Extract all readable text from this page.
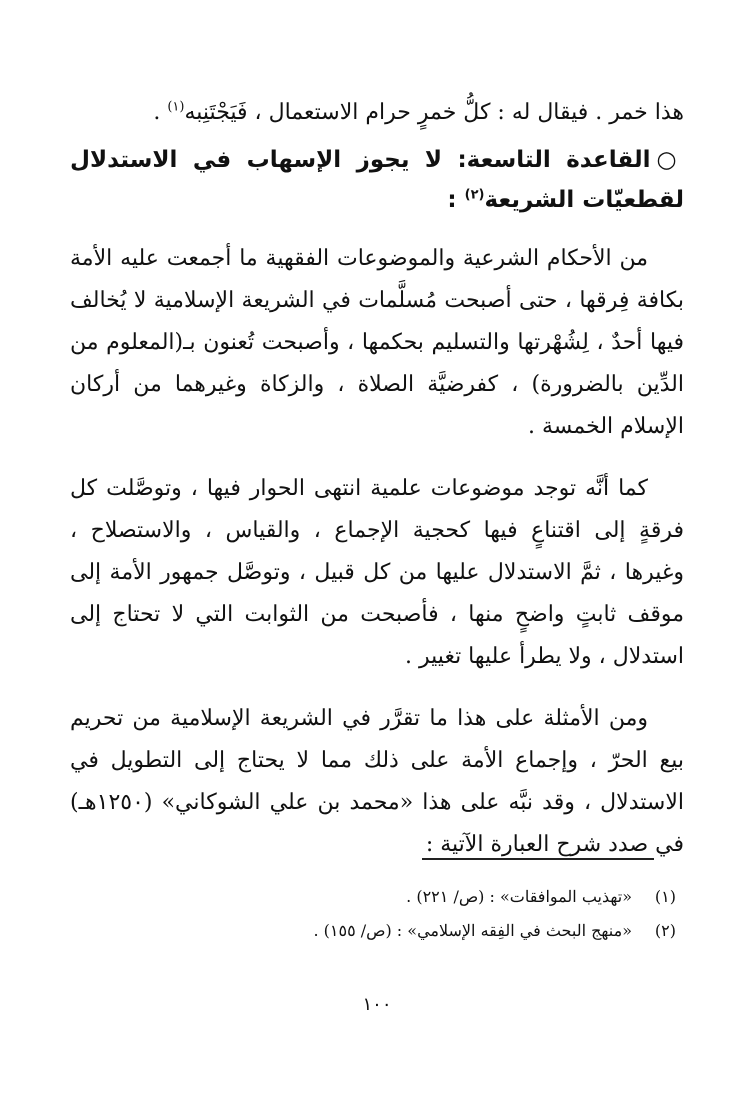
هذا خمر . فيقال له : كلُّ خمرٍ حرام الاستعمال ، فَيَجْتَنِبه$^{(١)}$ .
○القاعدة التاسعة: لا يجوز الإسهاب في الاستدلال لقطعيّات الشريعة$^{(٢)}$ :

من الأحكام الشرعية والموضوعات الفقهية ما أجمعت عليه الأمة بكافة فِرقها ، حتى أصبحت مُسلَّمات في الشريعة الإسلامية لا يُخالف فيها أحدٌ ، لِشُهْرتها والتسليم بحكمها ، وأصبحت تُعنون بـ(المعلوم من الدِّين بالضرورة) ، كفرضيَّة الصلاة ، والزكاة وغيرهما من أركان الإسلام الخمسة .

كما أنَّه توجد موضوعات علمية انتهى الحوار فيها ، وتوصَّلت كل فرقةٍ إلى اقتناعٍ فيها كحجية الإجماع ، والقياس ، والاستصلاح ، وغيرها ، ثمَّ الاستدلال عليها من كل قبيل ، وتوصَّل جمهور الأمة إلى موقف ثابتٍ واضحٍ منها ، فأصبحت من الثوابت التي لا تحتاج إلى استدلال ، ولا يطرأ عليها تغيير .

ومن الأمثلة على هذا ما تقرَّر في الشريعة الإسلامية من تحريم بيع الحرّ ، وإجماع الأمة على ذلك مما لا يحتاج إلى التطويل في الاستدلال ، وقد نبَّه على هذا «محمد بن علي الشوكاني» (١٢٥٠هـ) في صدد شرح العبارة الآتية :

(١)
«تهذيب الموافقات» : (ص/ ٢٢١) .
(٢)
«منهج البحث في الفِقه الإسلامي» : (ص/ ١٥٥) .
١٠٠
